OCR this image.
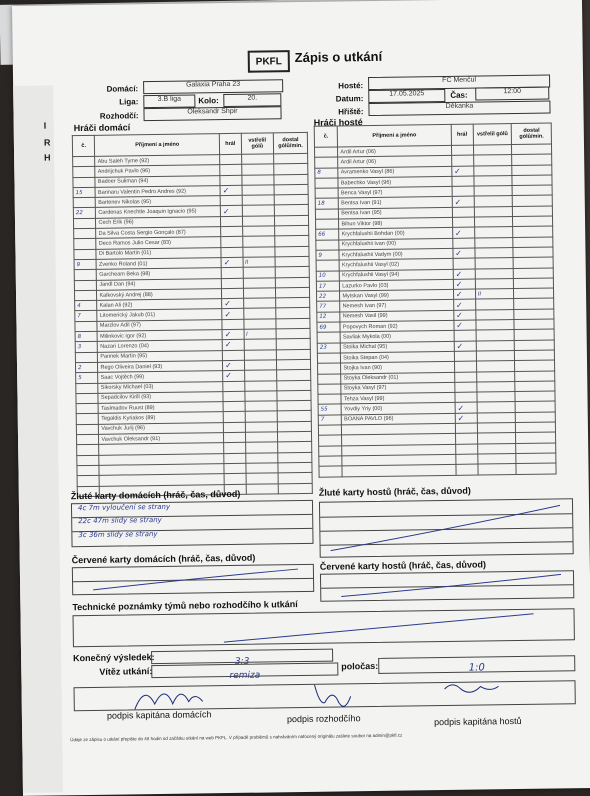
I
R
H
PKFL Zápis o utkání
Domácí:	Galaxia Praha 23
Liga:	3.B liga	Kolo:	20.
Rozhodčí:	Oleksandr Shpir
Hráči domácí
Hosté:
FC Menčul
Datum:
17.05.2025	Čas:	12:00
Hřiště:
Děkanka
Hráči hosté
č.	Příjmení a jméno	hrál	vstřelil gólů	dostal gólů/min.
	Abu Saleh Tyme (92)			
	Andrijchuk Pavlo (96)			
	Badoer Suliman (94)			
15	Barinaru Valentin Pedro Andres (92)	✓		
	Bartenev Nikolas (95)			
22	Cardenas Knechtle Joaquin Ignacio (95)	✓		
	Cech Erik (96)			
	Da Silva Costa Sergio Gonçalo (87)			
	Deco Ramos Julio Cesar (83)			
	Di Bartolo Martin (01)			
9	Zvenko Roland (01)	✓	II	
	Garcheam Beka (98)			
	Jandl Dan (94)			
	Kalkovský Andrej (88)			
4	Kalan Ali (92)	✓		
7	Litomerický Jakub (01)	✓		
	Marzlov Adil (97)			
8	Milinkovic Igor (92)	✓	I	
3	Nazari Lorenzo (04)	✓		
	Pannek Martin (95)			
2	Rego Oliveira Daniel (93)	✓		
5	Saac Vojtěch (99)	✓		
	Sikorsky Michael (03)			
	Sepadcilov Kirill (93)			
	Taslmadov Ruust (89)			
	Tegaldis Kyriakos (89)			
	Vavchuk Jurij (96)			
	Vavchuk Oleksandr (91)			

č.	Příjmení a jméno	hrál	vstřelil gólů	dostal gólů/min.
	Ardil Artur (06)			
	Ardil Artur (06)			
8	Avramenko Vasyl (86)	✓		
	Babechko Vasyl (96)			
	Benca Vasyl (97)			
18	Bentsa Ivan (91)	✓		
	Bentsa Ivan (95)			
	Bihun Viktor (98)			
66	Krychfalushii Bohdan (00)	✓		
	Krychfalushii Ivan (00)			
9	Krychfalushii Vadym (00)	✓		
	Krychfalushii Vasyl (02)			
10	Krychfalushii Vasyl (94)	✓		
17	Lazurko Pavlo (03)	✓		
22	Mytskan Vasyl (99)	✓	II	
77	Nemesh Ivan (97)	✓		
12	Nemesh Vasil (99)	✓		
69	Popovych Roman (92)	✓		
	Savliak Mykola (00)			
23	Stoika Michal (95)	✓		
	Stoika Stepan (04)			
	Stojka Ivan (90)			
	Stoyka Oleksandr (01)			
	Stoyka Vasyl (97)			
	Tehza Vasyl (99)			
55	Yovdiy Yriy (00)	✓		
7	BOANA PAVLO (96)	✓		

Žluté karty domácích (hráč, čas, důvod)
4c 7m vyloučení se strany
22c 47m slidy se strany
3c 36m slidy se strany
Žluté karty hostů (hráč, čas, důvod)
Červené karty domácích (hráč, čas, důvod)
Červené karty hostů (hráč, čas, důvod)
Technické poznámky týmů nebo rozhodčího k utkání
Konečný výsledek:	3:3
Vítěz utkání:	remiza
poločas:	1:0
podpis kapitána domácích	podpis rozhodčího	podpis kapitána hostů
Údaje ze zápisu o utkání přepište do 48 hodin od začátku utkání na web PKFL. V případě problémů s nahráváním nafocený originálu zašlete soubor na admin@pkfl.cz
